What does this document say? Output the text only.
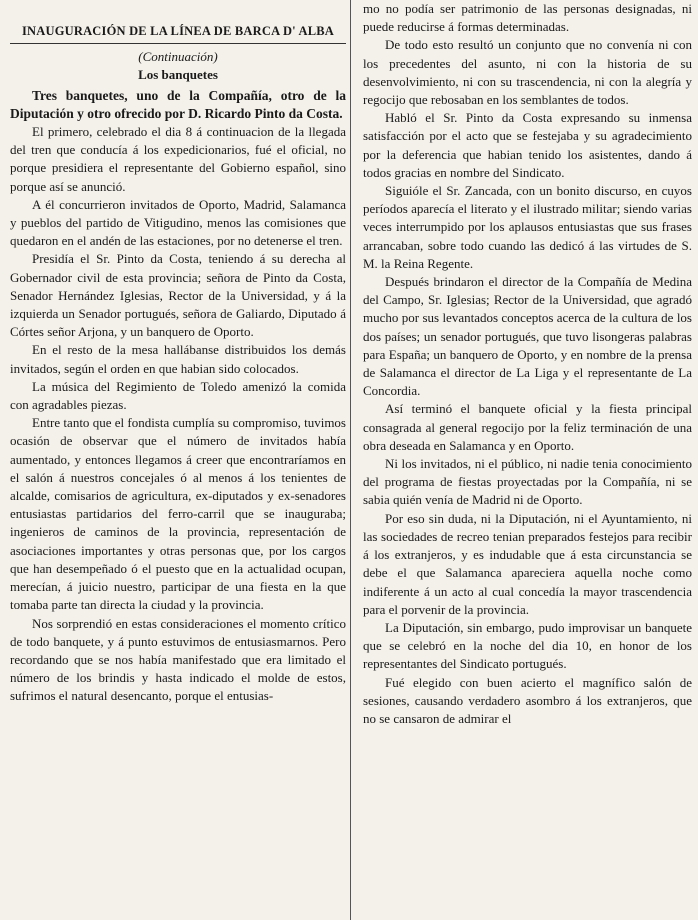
INAUGURACIÓN DE LA LÍNEA DE BARCA D' ALBA
(Continuación)
Los banquetes

Tres banquetes, uno de la Compañía, otro de la Diputación y otro ofrecido por D. Ricardo Pinto da Costa.

El primero, celebrado el dia 8 á continuacion de la llegada del tren que conducía á los expedicionarios, fué el oficial, no porque presidiera el representante del Gobierno español, sino porque así se anunció.

A él concurrieron invitados de Oporto, Madrid, Salamanca y pueblos del partido de Vitigudino, menos las comisiones que quedaron en el andén de las estaciones, por no detenerse el tren.

Presidía el Sr. Pinto da Costa, teniendo á su derecha al Gobernador civil de esta provincia; señora de Pinto da Costa, Senador Hernández Iglesias, Rector de la Universidad, y á la izquierda un Senador portugués, señora de Galiardo, Diputado á Córtes señor Arjona, y un banquero de Oporto.

En el resto de la mesa hallábanse distribuidos los demás invitados, según el orden en que habian sido colocados.

La música del Regimiento de Toledo amenizó la comida con agradables piezas.

Entre tanto que el fondista cumplía su compromiso, tuvimos ocasión de observar que el número de invitados había aumentado, y entonces llegamos á creer que encontraríamos en el salón á nuestros concejales ó al menos á los tenientes de alcalde, comisarios de agricultura, ex-diputados y ex-senadores entusiastas partidarios del ferro-carril que se inauguraba; ingenieros de caminos de la provincia, representación de asociaciones importantes y otras personas que, por los cargos que han desempeñado ó el puesto que en la actualidad ocupan, merecían, á juicio nuestro, participar de una fiesta en la que tomaba parte tan directa la ciudad y la provincia.

Nos sorprendió en estas consideraciones el momento crítico de todo banquete, y á punto estuvimos de entusiasmarnos. Pero recordando que se nos había manifestado que era limitado el número de los brindis y hasta indicado el molde de estos, sufrimos el natural desencanto, porque el entusias-

mo no podía ser patrimonio de las personas designadas, ni puede reducirse á formas determinadas.

De todo esto resultó un conjunto que no convenía ni con los precedentes del asunto, ni con la historia de su desenvolvimiento, ni con su trascendencia, ni con la alegría y regocijo que rebosaban en los semblantes de todos.

Habló el Sr. Pinto da Costa expresando su inmensa satisfacción por el acto que se festejaba y su agradecimiento por la deferencia que habian tenido los asistentes, dando á todos gracias en nombre del Sindicato.

Siguióle el Sr. Zancada, con un bonito discurso, en cuyos períodos aparecía el literato y el ilustrado militar; siendo varias veces interrumpido por los aplausos entusiastas que sus frases arrancaban, sobre todo cuando las dedicó á las virtudes de S. M. la Reina Regente.

Después brindaron el director de la Compañía de Medina del Campo, Sr. Iglesias; Rector de la Universidad, que agradó mucho por sus levantados conceptos acerca de la cultura de los dos países; un senador portugués, que tuvo lisongeras palabras para España; un banquero de Oporto, y en nombre de la prensa de Salamanca el director de La Liga y el representante de La Concordia.

Así terminó el banquete oficial y la fiesta principal consagrada al general regocijo por la feliz terminación de una obra deseada en Salamanca y en Oporto.

Ni los invitados, ni el público, ni nadie tenia conocimiento del programa de fiestas proyectadas por la Compañía, ni se sabia quién venía de Madrid ni de Oporto.

Por eso sin duda, ni la Diputación, ni el Ayuntamiento, ni las sociedades de recreo tenian preparados festejos para recibir á los extranjeros, y es indudable que á esta circunstancia se debe el que Salamanca apareciera aquella noche como indiferente á un acto al cual concedía la mayor trascendencia para el porvenir de la provincia.

La Diputación, sin embargo, pudo improvisar un banquete que se celebró en la noche del dia 10, en honor de los representantes del Sindicato portugués.

Fué elegido con buen acierto el magnífico salón de sesiones, causando verdadero asombro á los extranjeros, que no se cansaron de admirar el
